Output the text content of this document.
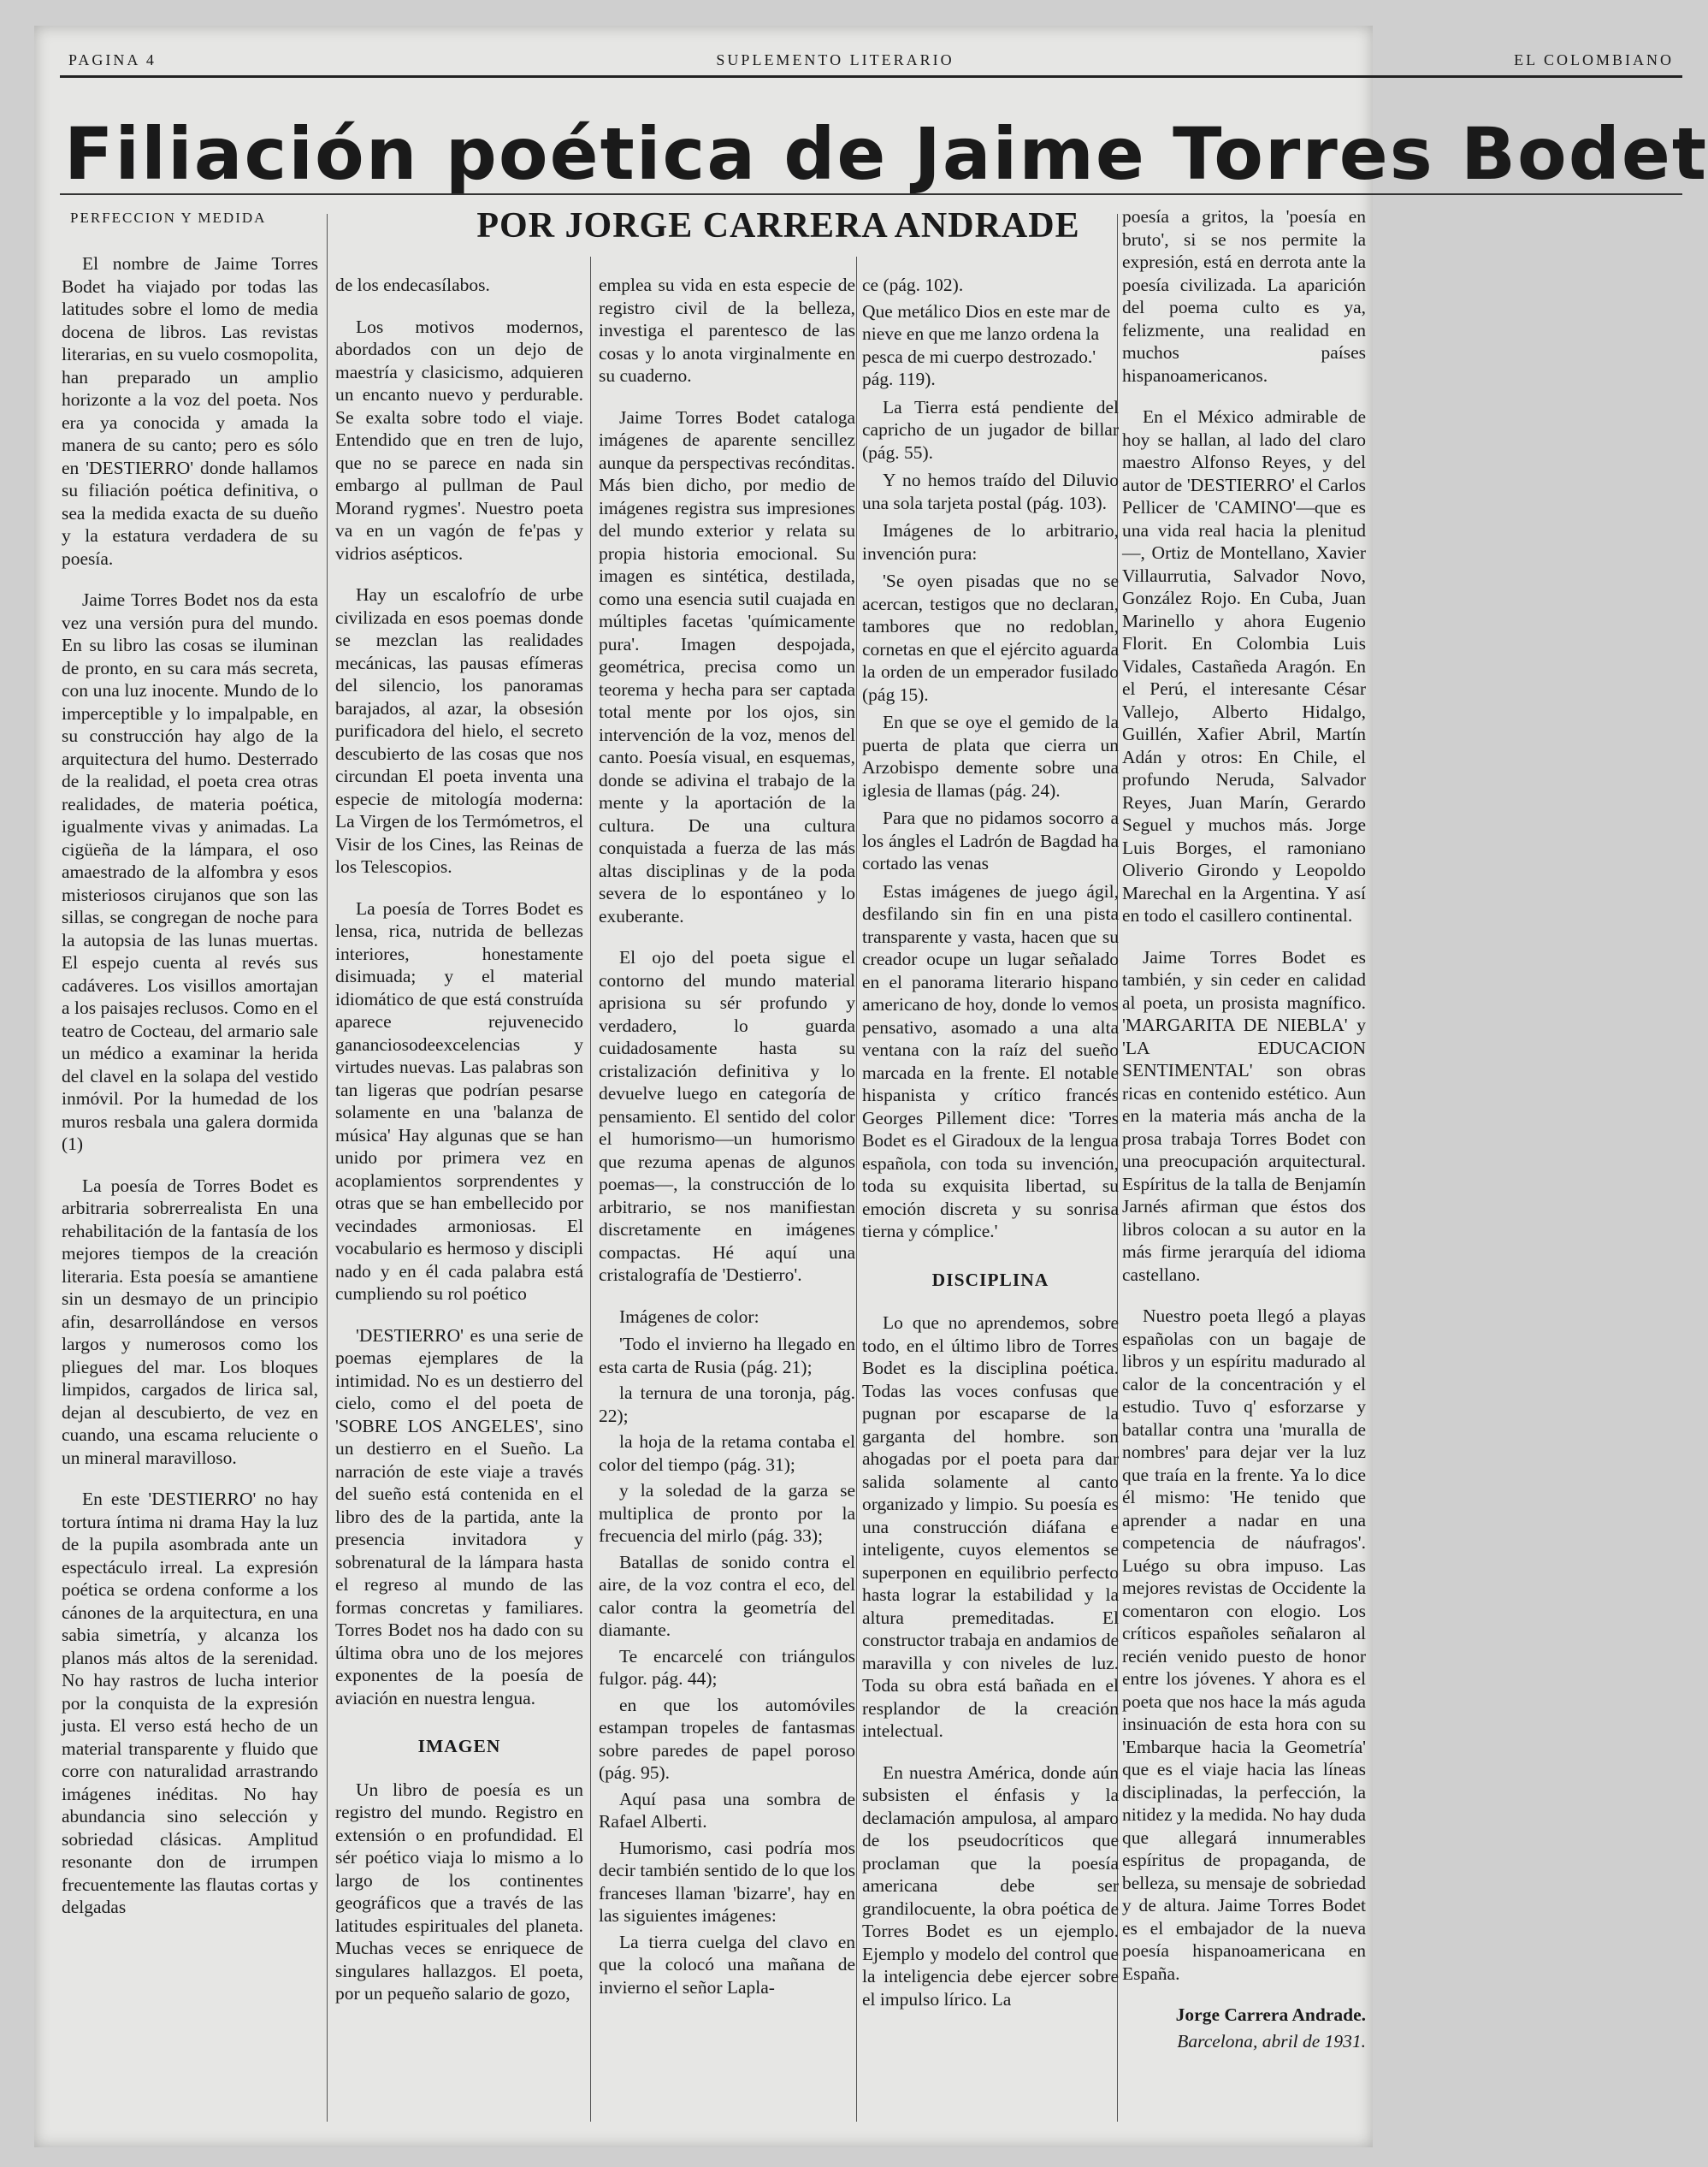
PAGINA 4	SUPLEMENTO LITERARIO	EL COLOMBIANO
Filiación poética de Jaime Torres Bodet
PERFECCION Y MEDIDA	POR JORGE CARRERA ANDRADE

El nombre de Jaime Torres Bodet ha viajado por todas las latitudes sobre el lomo de media docena de libros. Las revistas literarias, en su vuelo cosmopolita, han preparado un amplio horizonte a la voz del poeta. Nos era ya conocida y amada la manera de su canto; pero es sólo en 'DESTIERRO' donde hallamos su filiación poética definitiva, o sea la medida exacta de su dueño y la estatura verdadera de su poesía.

Jaime Torres Bodet nos da esta vez una versión pura del mundo. En su libro las cosas se iluminan de pronto, en su cara más secreta, con una luz inocente. Mundo de lo imperceptible y lo impalpable, en su construcción hay algo de la arquitectura del humo. Desterrado de la realidad, el poeta crea otras realidades, de materia poética, igualmente vivas y animadas. La cigüeña de la lámpara, el oso amaestrado de la alfombra y esos misteriosos cirujanos que son las sillas, se congregan de noche para la autopsia de las lunas muertas. El espejo cuenta al revés sus cadáveres. Los visillos amortajan a los paisajes reclusos. Como en el teatro de Cocteau, del armario sale un médico a examinar la herida del clavel en la solapa del vestido inmóvil. Por la humedad de los muros resbala una galera dormida (1)

La poesía de Torres Bodet es arbitraria sobrerrealista En una rehabilitación de la fantasía de los mejores tiempos de la creación literaria. Esta poesía se amantiene sin un desmayo de un principio afin, desarrollándose en versos largos y numerosos como los pliegues del mar. Los bloques limpidos, cargados de lirica sal, dejan al descubierto, de vez en cuando, una escama reluciente o un mineral maravilloso.

En este 'DESTIERRO' no hay tortura íntima ni drama Hay la luz de la pupila asombrada ante un espectáculo irreal. La expresión poética se ordena conforme a los cánones de la arquitectura, en una sabia simetría, y alcanza los planos más altos de la serenidad. No hay rastros de lucha interior por la conquista de la expresión justa. El verso está hecho de un material transparente y fluido que corre con naturalidad arrastrando imágenes inéditas. No hay abundancia sino selección y sobriedad clásicas. Amplitud resonante don de irrumpen frecuentemente las flautas cortas y delgadas

de los endecasílabos.

Los motivos modernos, abordados con un dejo de maestría y clasicismo, adquieren un encanto nuevo y perdurable. Se exalta sobre todo el viaje. Entendido que en tren de lujo, que no se parece en nada sin embargo al pullman de Paul Morand rygmes'. Nuestro poeta va en un vagón de fe'pas y vidrios asépticos.

Hay un escalofrío de urbe civilizada en esos poemas donde se mezclan las realidades mecánicas, las pausas efímeras del silencio, los panoramas barajados, al azar, la obsesión purificadora del hielo, el secreto descubierto de las cosas que nos circundan El poeta inventa una especie de mitología moderna: La Virgen de los Termómetros, el Visir de los Cines, las Reinas de los Telescopios.

La poesía de Torres Bodet es lensa, rica, nutrida de bellezas interiores, honestamente disimuada; y el material idiomático de que está construída aparece rejuvenecido gananciosodeexcelencias y virtudes nuevas. Las palabras son tan ligeras que podrían pesarse solamente en una 'balanza de música' Hay algunas que se han unido por primera vez en acoplamientos sorprendentes y otras que se han embellecido por vecindades armoniosas. El vocabulario es hermoso y discipli nado y en él cada palabra está cumpliendo su rol poético

'DESTIERRO' es una serie de poemas ejemplares de la intimidad. No es un destierro del cielo, como el del poeta de 'SOBRE LOS ANGELES', sino un destierro en el Sueño. La narración de este viaje a través del sueño está contenida en el libro des de la partida, ante la presencia invitadora y sobrenatural de la lámpara hasta el regreso al mundo de las formas concretas y familiares. Torres Bodet nos ha dado con su última obra uno de los mejores exponentes de la poesía de aviación en nuestra lengua.

IMAGEN

Un libro de poesía es un registro del mundo. Registro en extensión o en profundidad. El sér poético viaja lo mismo a lo largo de los continentes geográficos que a través de las latitudes espirituales del planeta. Muchas veces se enriquece de singulares hallazgos. El poeta, por un pequeño salario de gozo,

emplea su vida en esta especie de registro civil de la belleza, investiga el parentesco de las cosas y lo anota virginalmente en su cuaderno.

Jaime Torres Bodet cataloga imágenes de aparente sencillez aunque da perspectivas recónditas. Más bien dicho, por medio de imágenes registra sus impresiones del mundo exterior y relata su propia historia emocional. Su imagen es sintética, destilada, como una esencia sutil cuajada en múltiples facetas 'químicamente pura'. Imagen despojada, geométrica, precisa como un teorema y hecha para ser captada total mente por los ojos, sin intervención de la voz, menos del canto. Poesía visual, en esquemas, donde se adivina el trabajo de la mente y la aportación de la cultura. De una cultura conquistada a fuerza de las más altas disciplinas y de la poda severa de lo espontáneo y lo exuberante.

El ojo del poeta sigue el contorno del mundo material aprisiona su sér profundo y verdadero, lo guarda cuidadosamente hasta su cristalización definitiva y lo devuelve luego en categoría de pensamiento. El sentido del color el humorismo—un humorismo que rezuma apenas de algunos poemas—, la construcción de lo arbitrario, se nos manifiestan discretamente en imágenes compactas. Hé aquí una cristalografía de 'Destierro'.

Imágenes de color:

'Todo el invierno ha llegado en esta carta de Rusia (pág. 21);

la ternura de una toronja, pág. 22);

la hoja de la retama contaba el color del tiempo (pág. 31);

y la soledad de la garza se multiplica de pronto por la frecuencia del mirlo (pág. 33);

Batallas de sonido contra el aire, de la voz contra el eco, del calor contra la geometría del diamante.

Te encarcelé con triángulos fulgor. pág. 44);

en que los automóviles estampan tropeles de fantasmas sobre paredes de papel poroso (pág. 95).

Aquí pasa una sombra de Rafael Alberti.

Humorismo, casi podría mos decir también sentido de lo que los franceses llaman 'bizarre', hay en las siguientes imágenes:

La tierra cuelga del clavo en que la colocó una mañana de invierno el señor Lapla-

ce (pág. 102).

Que metálico Dios en este mar de nieve en que me lanzo ordena la pesca de mi cuerpo destrozado.' pág. 119).

La Tierra está pendiente del capricho de un jugador de billar (pág. 55).

Y no hemos traído del Diluvio una sola tarjeta postal (pág. 103).

Imágenes de lo arbitrario, invención pura:

'Se oyen pisadas que no se acercan, testigos que no declaran, tambores que no redoblan, cornetas en que el ejército aguarda la orden de un emperador fusilado (pág 15).

En que se oye el gemido de la puerta de plata que cierra un Arzobispo demente sobre una iglesia de llamas (pág. 24).

Para que no pidamos socorro a los ángles el Ladrón de Bagdad ha cortado las venas

Estas imágenes de juego ágil, desfilando sin fin en una pista transparente y vasta, hacen que su creador ocupe un lugar señalado en el panorama literario hispano americano de hoy, donde lo vemos pensativo, asomado a una alta ventana con la raíz del sueño marcada en la frente. El notable hispanista y crítico francés Georges Pillement dice: 'Torres Bodet es el Giradoux de la lengua española, con toda su invención, toda su exquisita libertad, su emoción discreta y su sonrisa tierna y cómplice.'

DISCIPLINA

Lo que no aprendemos, sobre todo, en el último libro de Torres Bodet es la disciplina poética. Todas las voces confusas que pugnan por escaparse de la garganta del hombre. son ahogadas por el poeta para dar salida solamente al canto organizado y limpio. Su poesía es una construcción diáfana e inteligente, cuyos elementos se superponen en equilibrio perfecto hasta lograr la estabilidad y la altura premeditadas. El constructor trabaja en andamios de maravilla y con niveles de luz. Toda su obra está bañada en el resplandor de la creación intelectual.

En nuestra América, donde aún subsisten el énfasis y la declamación ampulosa, al amparo de los pseudocríticos que proclaman que la poesía americana debe ser grandilocuente, la obra poética de Torres Bodet es un ejemplo. Ejemplo y modelo del control que la inteligencia debe ejercer sobre el impulso lírico. La

poesía a gritos, la 'poesía en bruto', si se nos permite la expresión, está en derrota ante la poesía civilizada. La aparición del poema culto es ya, felizmente, una realidad en muchos países hispanoamericanos.

En el México admirable de hoy se hallan, al lado del claro maestro Alfonso Reyes, y del autor de 'DESTIERRO' el Carlos Pellicer de 'CAMINO'—que es una vida real hacia la plenitud—, Ortiz de Montellano, Xavier Villaurrutia, Salvador Novo, González Rojo. En Cuba, Juan Marinello y ahora Eugenio Florit. En Colombia Luis Vidales, Castañeda Aragón. En el Perú, el interesante César Vallejo, Alberto Hidalgo, Guillén, Xafier Abril, Martín Adán y otros: En Chile, el profundo Neruda, Salvador Reyes, Juan Marín, Gerardo Seguel y muchos más. Jorge Luis Borges, el ramoniano Oliverio Girondo y Leopoldo Marechal en la Argentina. Y así en todo el casillero continental.

Jaime Torres Bodet es también, y sin ceder en calidad al poeta, un prosista magnífico. 'MARGARITA DE NIEBLA' y 'LA EDUCACION SENTIMENTAL' son obras ricas en contenido estético. Aun en la materia más ancha de la prosa trabaja Torres Bodet con una preocupación arquitectural. Espíritus de la talla de Benjamín Jarnés afirman que éstos dos libros colocan a su autor en la más firme jerarquía del idioma castellano.

Nuestro poeta llegó a playas españolas con un bagaje de libros y un espíritu madurado al calor de la concentración y el estudio. Tuvo q' esforzarse y batallar contra una 'muralla de nombres' para dejar ver la luz que traía en la frente. Ya lo dice él mismo: 'He tenido que aprender a nadar en una competencia de náufragos'. Luégo su obra impuso. Las mejores revistas de Occidente la comentaron con elogio. Los críticos españoles señalaron al recién venido puesto de honor entre los jóvenes. Y ahora es el poeta que nos hace la más aguda insinuación de esta hora con su 'Embarque hacia la Geometría' que es el viaje hacia las líneas disciplinadas, la perfección, la nitidez y la medida. No hay duda que allegará innumerables espíritus de propaganda, de belleza, su mensaje de sobriedad y de altura. Jaime Torres Bodet es el embajador de la nueva poesía hispanoamericana en España.

Jorge Carrera Andrade.

Barcelona, abril de 1931.
